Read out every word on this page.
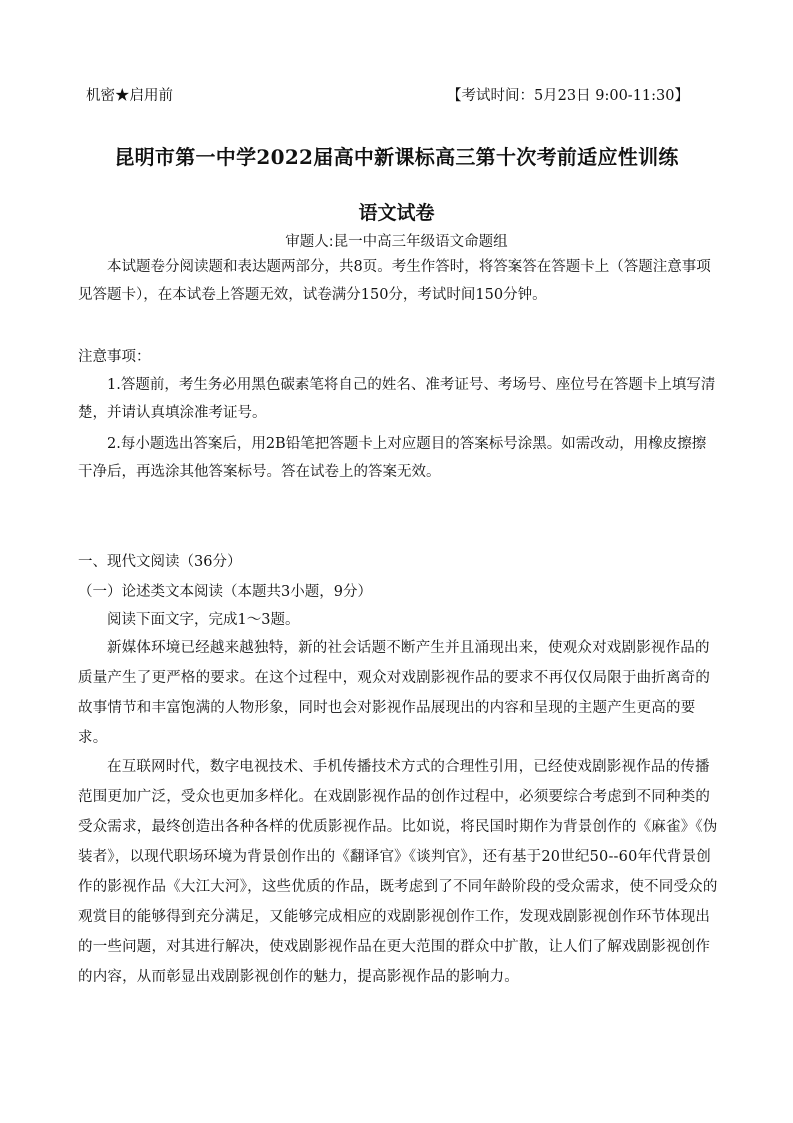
机密★启用前	【考试时间：5月23日 9:00-11:30】
昆明市第一中学2022届高中新课标高三第十次考前适应性训练
语文试卷
审题人:昆一中高三年级语文命题组
本试题卷分阅读题和表达题两部分，共8页。考生作答时，将答案答在答题卡上（答题注意事项见答题卡），在本试卷上答题无效，试卷满分150分，考试时间150分钟。
注意事项：
1.答题前，考生务必用黑色碳素笔将自己的姓名、准考证号、考场号、座位号在答题卡上填写清楚，并请认真填涂准考证号。
2.每小题选出答案后，用2B铅笔把答题卡上对应题目的答案标号涂黑。如需改动，用橡皮擦擦干净后，再选涂其他答案标号。答在试卷上的答案无效。
一、现代文阅读（36分）
（一）论述类文本阅读（本题共3小题，9分）
阅读下面文字，完成1～3题。
新媒体环境已经越来越独特，新的社会话题不断产生并且涌现出来，使观众对戏剧影视作品的质量产生了更严格的要求。在这个过程中，观众对戏剧影视作品的要求不再仅仅局限于曲折离奇的故事情节和丰富饱满的人物形象，同时也会对影视作品展现出的内容和呈现的主题产生更高的要求。
在互联网时代，数字电视技术、手机传播技术方式的合理性引用，已经使戏剧影视作品的传播范围更加广泛，受众也更加多样化。在戏剧影视作品的创作过程中，必须要综合考虑到不同种类的受众需求，最终创造出各种各样的优质影视作品。比如说，将民国时期作为背景创作的《麻雀》《伪装者》，以现代职场环境为背景创作出的《翻译官》《谈判官》，还有基于20世纪50--60年代背景创作的影视作品《大江大河》，这些优质的作品，既考虑到了不同年龄阶段的受众需求，使不同受众的观赏目的能够得到充分满足，又能够完成相应的戏剧影视创作工作，发现戏剧影视创作环节体现出的一些问题，对其进行解决，使戏剧影视作品在更大范围的群众中扩散，让人们了解戏剧影视创作的内容，从而彰显出戏剧影视创作的魅力，提高影视作品的影响力。
